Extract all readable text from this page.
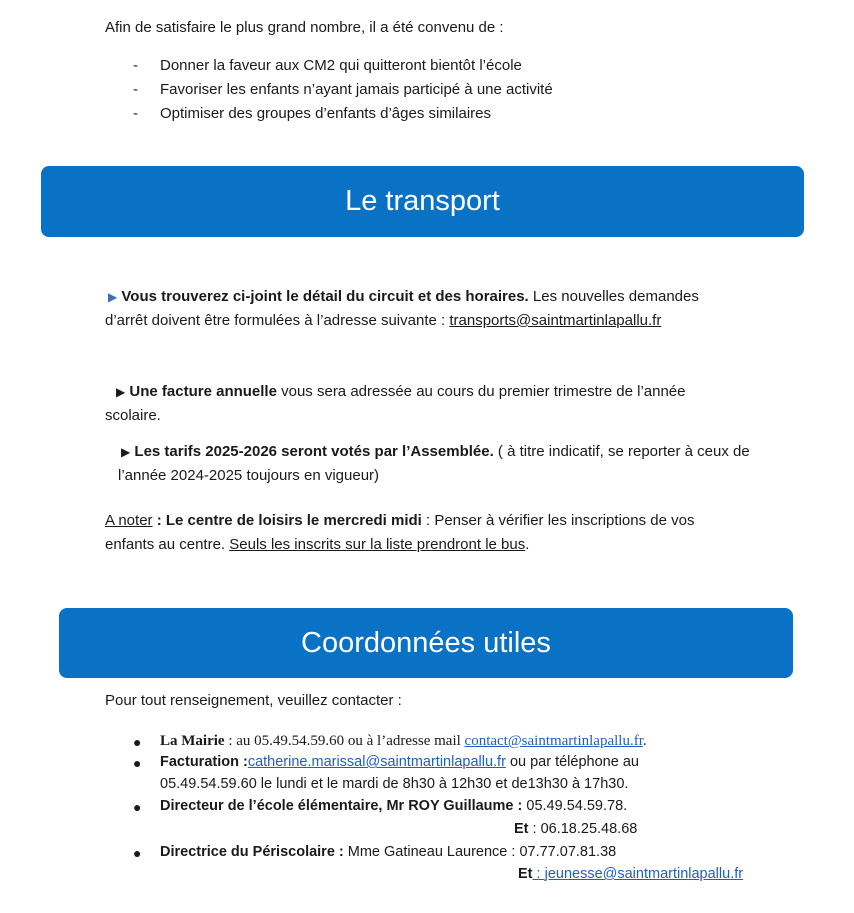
Afin de satisfaire le plus grand nombre, il a été convenu de :
- Donner la faveur aux CM2 qui quitteront bientôt l’école
- Favoriser les enfants n’ayant jamais participé à une activité
- Optimiser des groupes d’enfants d’âges similaires
Le transport
▶ Vous trouverez ci-joint le détail du circuit et des horaires. Les nouvelles demandes
d’arrêt doivent être formulées à l’adresse suivante : transports@saintmartinlapallu.fr
▶ Une facture annuelle vous sera adressée au cours du premier trimestre de l’année
scolaire.
▶ Les tarifs 2025-2026 seront votés par l’Assemblée. ( à titre indicatif, se reporter à ceux de
l’année 2024-2025 toujours en vigueur)
A noter : Le centre de loisirs le mercredi midi : Penser à vérifier les inscriptions de vos
enfants au centre. Seuls les inscrits sur la liste prendront le bus.
Coordonnées utiles
Pour tout renseignement, veuillez contacter :
● La Mairie : au 05.49.54.59.60 ou à l’adresse mail contact@saintmartinlapallu.fr.
● Facturation :catherine.marissal@saintmartinlapallu.fr ou par téléphone au
05.49.54.59.60 le lundi et le mardi de 8h30 à 12h30 et de13h30 à 17h30.
● Directeur de l’école élémentaire, Mr ROY Guillaume : 05.49.54.59.78.
Et : 06.18.25.48.68
● Directrice du Périscolaire : Mme Gatineau Laurence : 07.77.07.81.38
Et : jeunesse@saintmartinlapallu.fr
